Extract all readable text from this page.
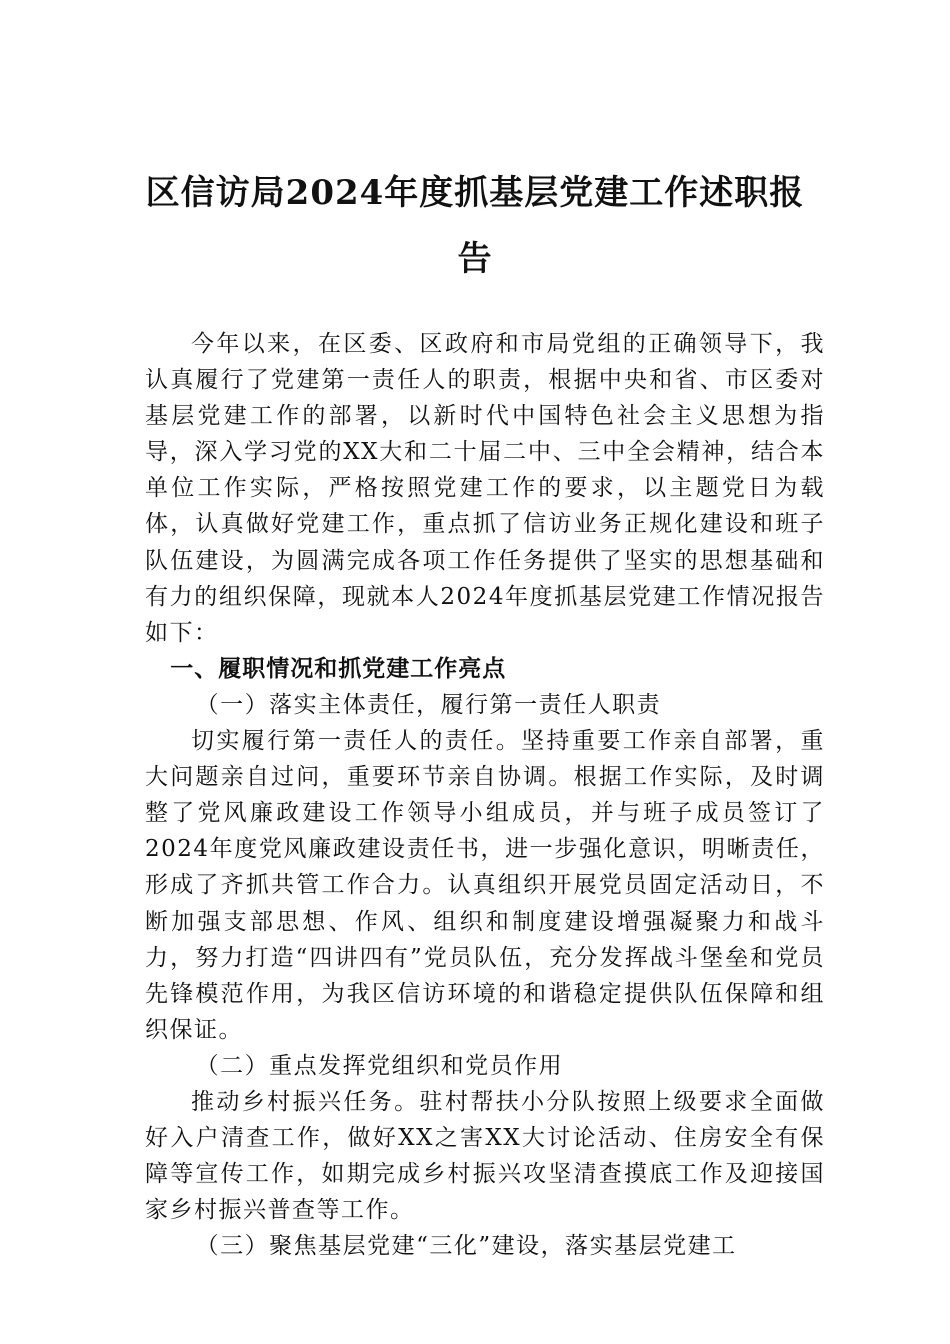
区信访局2024年度抓基层党建工作述职报告

今年以来，在区委、区政府和市局党组的正确领导下，我认真履行了党建第一责任人的职责，根据中央和省、市区委对基层党建工作的部署，以新时代中国特色社会主义思想为指导，深入学习党的XX大和二十届二中、三中全会精神，结合本单位工作实际，严格按照党建工作的要求，以主题党日为载体，认真做好党建工作，重点抓了信访业务正规化建设和班子队伍建设，为圆满完成各项工作任务提供了坚实的思想基础和有力的组织保障，现就本人2024年度抓基层党建工作情况报告如下：

一、履职情况和抓党建工作亮点

（一）落实主体责任，履行第一责任人职责

切实履行第一责任人的责任。坚持重要工作亲自部署，重大问题亲自过问，重要环节亲自协调。根据工作实际，及时调整了党风廉政建设工作领导小组成员，并与班子成员签订了2024年度党风廉政建设责任书，进一步强化意识，明晰责任，形成了齐抓共管工作合力。认真组织开展党员固定活动日，不断加强支部思想、作风、组织和制度建设增强凝聚力和战斗力，努力打造“四讲四有”党员队伍，充分发挥战斗堡垒和党员先锋模范作用，为我区信访环境的和谐稳定提供队伍保障和组织保证。

（二）重点发挥党组织和党员作用

推动乡村振兴任务。驻村帮扶小分队按照上级要求全面做好入户清查工作，做好XX之害XX大讨论活动、住房安全有保障等宣传工作，如期完成乡村振兴攻坚清查摸底工作及迎接国家乡村振兴普查等工作。

（三）聚焦基层党建“三化”建设，落实基层党建工
